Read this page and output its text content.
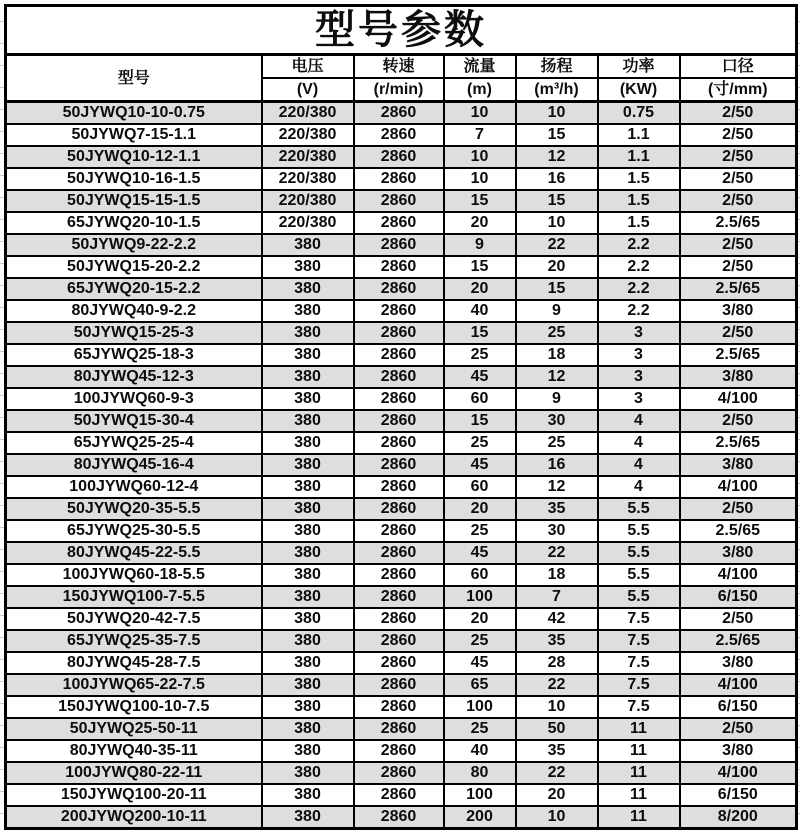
型号参数						
型号	电压	转速	流量	扬程	功率	口径
	(V)	(r/min)	(m)	(m³/h)	(KW)	(寸/mm)
50JYWQ10-10-0.75	220/380	2860	10	10	0.75	2/50
50JYWQ7-15-1.1	220/380	2860	7	15	1.1	2/50
50JYWQ10-12-1.1	220/380	2860	10	12	1.1	2/50
50JYWQ10-16-1.5	220/380	2860	10	16	1.5	2/50
50JYWQ15-15-1.5	220/380	2860	15	15	1.5	2/50
65JYWQ20-10-1.5	220/380	2860	20	10	1.5	2.5/65
50JYWQ9-22-2.2	380	2860	9	22	2.2	2/50
50JYWQ15-20-2.2	380	2860	15	20	2.2	2/50
65JYWQ20-15-2.2	380	2860	20	15	2.2	2.5/65
80JYWQ40-9-2.2	380	2860	40	9	2.2	3/80
50JYWQ15-25-3	380	2860	15	25	3	2/50
65JYWQ25-18-3	380	2860	25	18	3	2.5/65
80JYWQ45-12-3	380	2860	45	12	3	3/80
100JYWQ60-9-3	380	2860	60	9	3	4/100
50JYWQ15-30-4	380	2860	15	30	4	2/50
65JYWQ25-25-4	380	2860	25	25	4	2.5/65
80JYWQ45-16-4	380	2860	45	16	4	3/80
100JYWQ60-12-4	380	2860	60	12	4	4/100
50JYWQ20-35-5.5	380	2860	20	35	5.5	2/50
65JYWQ25-30-5.5	380	2860	25	30	5.5	2.5/65
80JYWQ45-22-5.5	380	2860	45	22	5.5	3/80
100JYWQ60-18-5.5	380	2860	60	18	5.5	4/100
150JYWQ100-7-5.5	380	2860	100	7	5.5	6/150
50JYWQ20-42-7.5	380	2860	20	42	7.5	2/50
65JYWQ25-35-7.5	380	2860	25	35	7.5	2.5/65
80JYWQ45-28-7.5	380	2860	45	28	7.5	3/80
100JYWQ65-22-7.5	380	2860	65	22	7.5	4/100
150JYWQ100-10-7.5	380	2860	100	10	7.5	6/150
50JYWQ25-50-11	380	2860	25	50	11	2/50
80JYWQ40-35-11	380	2860	40	35	11	3/80
100JYWQ80-22-11	380	2860	80	22	11	4/100
150JYWQ100-20-11	380	2860	100	20	11	6/150
200JYWQ200-10-11	380	2860	200	10	11	8/200
